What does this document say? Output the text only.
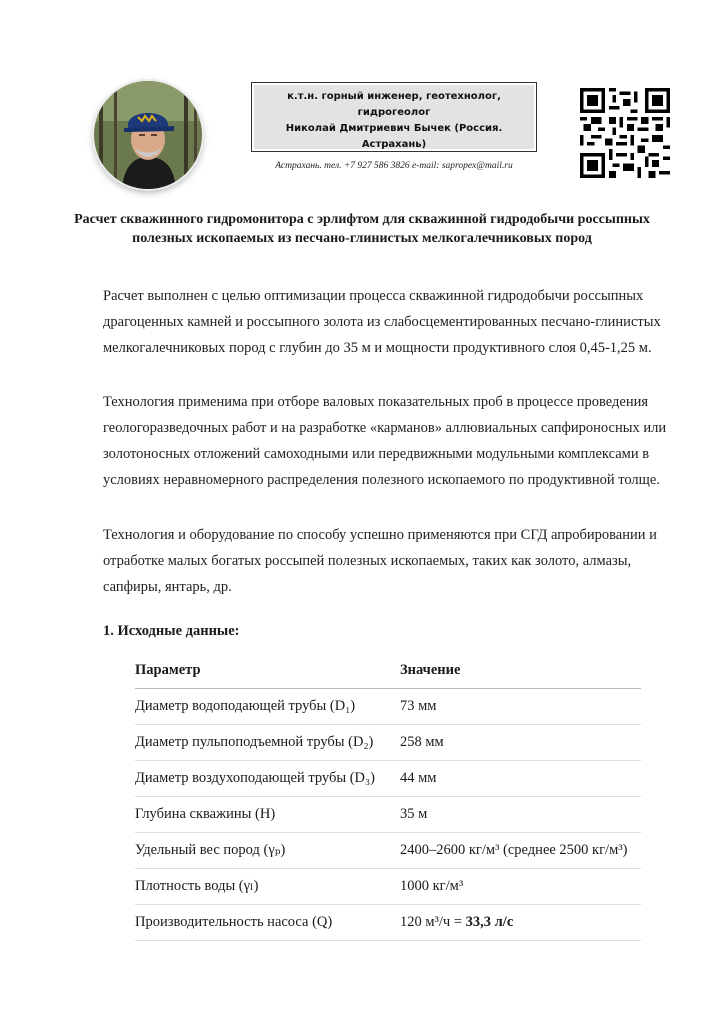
к.т.н. горный инженер, геотехнолог, гидрогеолог
Николай Дмитриевич Бычек (Россия. Астрахань)
Астрахань. тел. +7 927 586 3826 e-mail: sapropex@mail.ru
Расчет скважинного гидромонитора с эрлифтом для скважинной гидродобычи россыпных полезных ископаемых из песчано-глинистых мелкогалечниковых пород
Расчет выполнен с целью оптимизации процесса скважинной гидродобычи россыпных драгоценных камней и россыпного золота из слабосцементированных песчано-глинистых мелкогалечниковых пород с глубин до 35 м и мощности продуктивного слоя 0,45-1,25 м.
Технология применима при отборе валовых показательных проб в процессе проведения геологоразведочных работ и на разработке «карманов» аллювиальных сапфироносных или золотоносных отложений самоходными или передвижными модульными комплексами в условиях неравномерного распределения полезного ископаемого по продуктивной толще.
Технология и оборудование по способу успешно применяются при СГД апробировании и отработке малых богатых россыпей полезных ископаемых, таких как золото, алмазы, сапфиры, янтарь, др.
1. Исходные данные:
Параметр	Значение
Диаметр водоподающей трубы (D₁)	73 мм
Диаметр пульпоподъемной трубы (D₂)	258 мм
Диаметр воздухоподающей трубы (D₃)	44 мм
Глубина скважины (H)	35 м
Удельный вес пород (γₚ)	2400–2600 кг/м³ (среднее 2500 кг/м³)
Плотность воды (γₗ)	1000 кг/м³
Производительность насоса (Q)	120 м³/ч = 33,3 л/с
